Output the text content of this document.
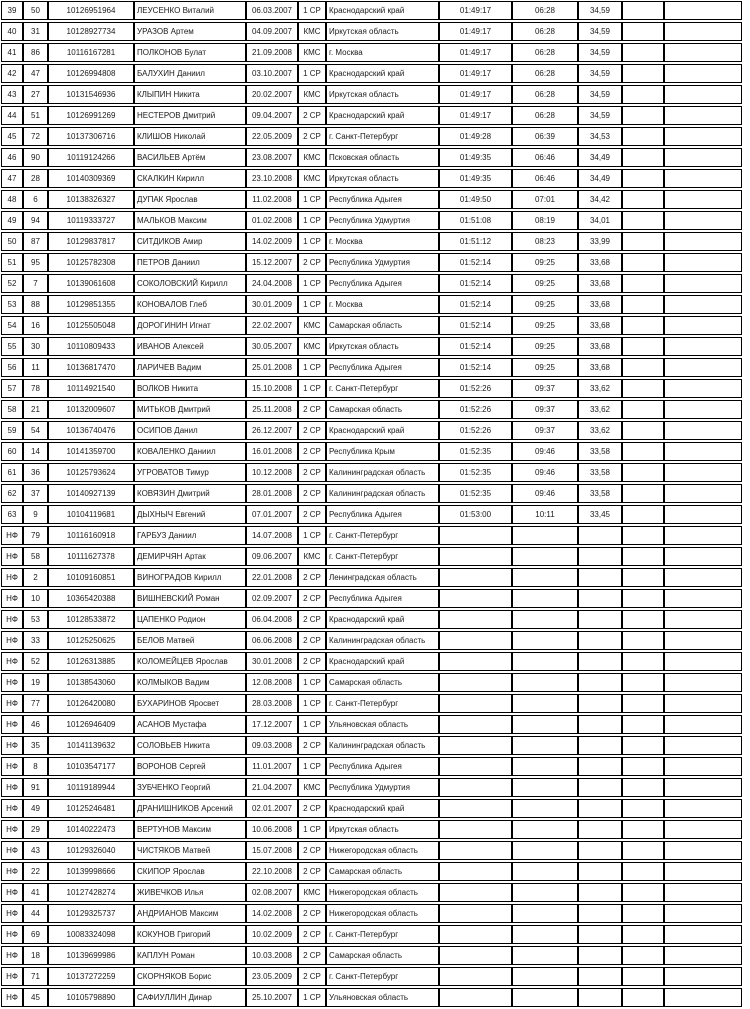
39	50	10126951964	ЛЕУСЕНКО Виталий	06.03.2007	1 СР	Краснодарский край	01:49:17	06:28	34,59		
40	31	10128927734	УРАЗОВ Артем	04.09.2007	КМС	Иркутская область	01:49:17	06:28	34,59		
41	86	10116167281	ПОЛКОНОВ Булат	21.09.2008	КМС	г. Москва	01:49:17	06:28	34,59		
42	47	10126994808	БАЛУХИН Даниил	03.10.2007	1 СР	Краснодарский край	01:49:17	06:28	34,59		
43	27	10131546936	КЛЫПИН Никита	20.02.2007	КМС	Иркутская область	01:49:17	06:28	34,59		
44	51	10126991269	НЕСТЕРОВ Дмитрий	09.04.2007	2 СР	Краснодарский край	01:49:17	06:28	34,59		
45	72	10137306716	КЛИШОВ Николай	22.05.2009	2 СР	г. Санкт-Петербург	01:49:28	06:39	34,53		
46	90	10119124266	ВАСИЛЬЕВ Артём	23.08.2007	КМС	Псковская область	01:49:35	06:46	34,49		
47	28	10140309369	СКАЛКИН Кирилл	23.10.2008	КМС	Иркутская область	01:49:35	06:46	34,49		
48	6	10138326327	ДУПАК Ярослав	11.02.2008	1 СР	Республика Адыгея	01:49:50	07:01	34,42		
49	94	10119333727	МАЛЬКОВ Максим	01.02.2008	1 СР	Республика Удмуртия	01:51:08	08:19	34,01		
50	87	10129837817	СИТДИКОВ Амир	14.02.2009	1 СР	г. Москва	01:51:12	08:23	33,99		
51	95	10125782308	ПЕТРОВ Даниил	15.12.2007	2 СР	Республика Удмуртия	01:52:14	09:25	33,68		
52	7	10139061608	СОКОЛОВСКИЙ Кирилл	24.04.2008	1 СР	Республика Адыгея	01:52:14	09:25	33,68		
53	88	10129851355	КОНОВАЛОВ Глеб	30.01.2009	1 СР	г. Москва	01:52:14	09:25	33,68		
54	16	10125505048	ДОРОГИНИН Игнат	22.02.2007	КМС	Самарская область	01:52:14	09:25	33,68		
55	30	10110809433	ИВАНОВ Алексей	30.05.2007	КМС	Иркутская область	01:52:14	09:25	33,68		
56	11	10136817470	ЛАРИЧЕВ Вадим	25.01.2008	1 СР	Республика Адыгея	01:52:14	09:25	33,68		
57	78	10114921540	ВОЛКОВ Никита	15.10.2008	1 СР	г. Санкт-Петербург	01:52:26	09:37	33,62		
58	21	10132009607	МИТЬКОВ Дмитрий	25.11.2008	2 СР	Самарская область	01:52:26	09:37	33,62		
59	54	10136740476	ОСИПОВ Данил	26.12.2007	2 СР	Краснодарский край	01:52:26	09:37	33,62		
60	14	10141359700	КОВАЛЕНКО Даниил	16.01.2008	2 СР	Республика Крым	01:52:35	09:46	33,58		
61	36	10125793624	УГРОВАТОВ Тимур	10.12.2008	2 СР	Калининградская область	01:52:35	09:46	33,58		
62	37	10140927139	КОВЯЗИН Дмитрий	28.01.2008	2 СР	Калининградская область	01:52:35	09:46	33,58		
63	9	10104119681	ДЫХНЫЧ Евгений	07.01.2007	2 СР	Республика Адыгея	01:53:00	10:11	33,45		
НФ	79	10116160918	ГАРБУЗ Даниил	14.07.2008	1 СР	г. Санкт-Петербург					
НФ	58	10111627378	ДЕМИРЧЯН Артак	09.06.2007	КМС	г. Санкт-Петербург					
НФ	2	10109160851	ВИНОГРАДОВ Кирилл	22.01.2008	2 СР	Ленинградская область					
НФ	10	10365420388	ВИШНЕВСКИЙ Роман	02.09.2007	2 СР	Республика Адыгея					
НФ	53	10128533872	ЦАПЕНКО Родион	06.04.2008	2 СР	Краснодарский край					
НФ	33	10125250625	БЕЛОВ Матвей	06.06.2008	2 СР	Калининградская область					
НФ	52	10126313885	КОЛОМЕЙЦЕВ Ярослав	30.01.2008	2 СР	Краснодарский край					
НФ	19	10138543060	КОЛМЫКОВ Вадим	12.08.2008	1 СР	Самарская область					
НФ	77	10126420080	БУХАРИНОВ Яросвет	28.03.2008	1 СР	г. Санкт-Петербург					
НФ	46	10126946409	АСАНОВ Мустафа	17.12.2007	1 СР	Ульяновская область					
НФ	35	10141139632	СОЛОВЬЕВ Никита	09.03.2008	2 СР	Калининградская область					
НФ	8	10103547177	ВОРОНОВ Сергей	11.01.2007	1 СР	Республика Адыгея					
НФ	91	10119189944	ЗУБЧЕНКО Георгий	21.04.2007	КМС	Республика Удмуртия					
НФ	49	10125246481	ДРАНИШНИКОВ Арсений	02.01.2007	2 СР	Краснодарский край					
НФ	29	10140222473	ВЕРТУНОВ Максим	10.06.2008	1 СР	Иркутская область					
НФ	43	10129326040	ЧИСТЯКОВ Матвей	15.07.2008	2 СР	Нижегородская область					
НФ	22	10139998666	СКИПОР Ярослав	22.10.2008	2 СР	Самарская область					
НФ	41	10127428274	ЖИВЕЧКОВ Илья	02.08.2007	КМС	Нижегородская область					
НФ	44	10129325737	АНДРИАНОВ Максим	14.02.2008	2 СР	Нижегородская область					
НФ	69	10083324098	КОКУНОВ Григорий	10.02.2009	2 СР	г. Санкт-Петербург					
НФ	18	10139699986	КАПЛУН Роман	10.03.2008	2 СР	Самарская область					
НФ	71	10137272259	СКОРНЯКОВ Борис	23.05.2009	2 СР	г. Санкт-Петербург					
НФ	45	10105798890	САФИУЛЛИН Динар	25.10.2007	1 СР	Ульяновская область					
